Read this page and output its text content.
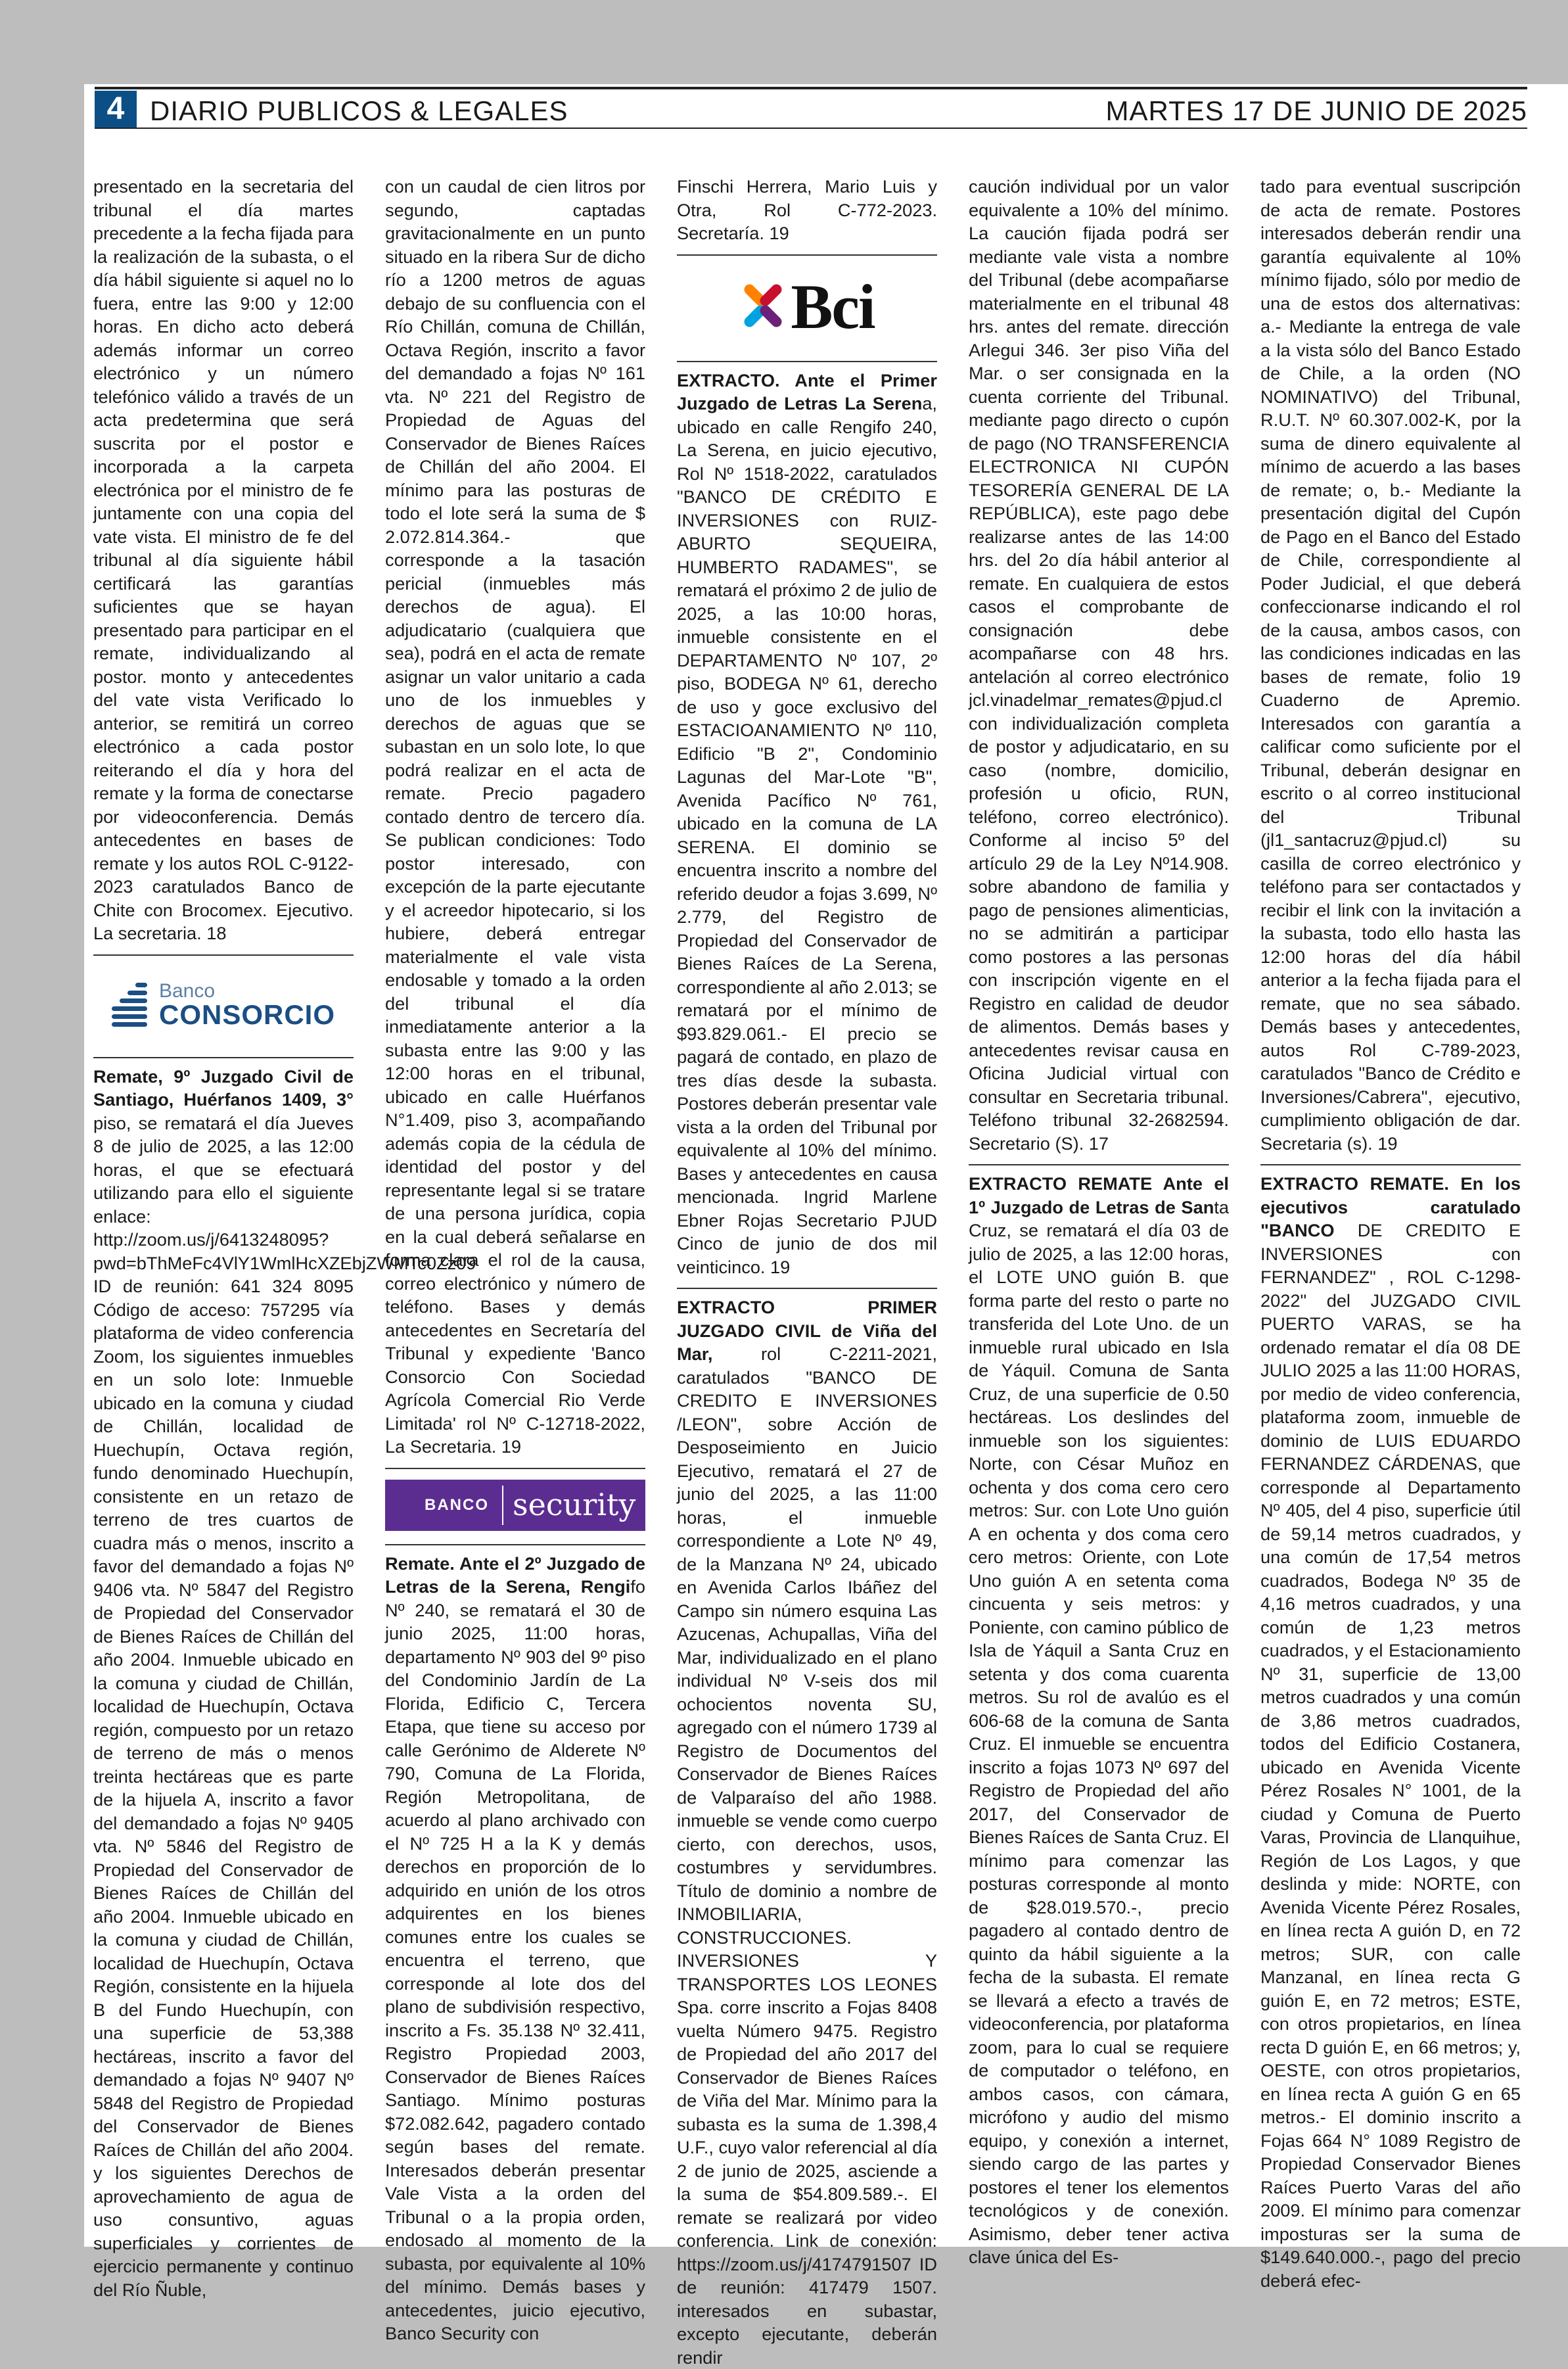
4 DIARIO PUBLICOS & LEGALES	MARTES 17 DE JUNIO DE 2025

presentado en la secretaria del tribunal el día martes precedente a la fecha fijada para la realización de la subasta, o el día hábil siguiente si aquel no lo fuera, entre las 9:00 y 12:00 horas. En dicho acto deberá además informar un correo electrónico y un número telefónico válido a través de un acta predetermina que será suscrita por el postor e incorporada a la carpeta electrónica por el ministro de fe juntamente con una copia del vate vista. El ministro de fe del tribunal al día siguiente hábil certificará las garantías suficientes que se hayan presentado para participar en el remate, individualizando al postor. monto y antecedentes del vate vista Verificado lo anterior, se remitirá un correo electrónico a cada postor reiterando el día y hora del remate y la forma de conectarse por videoconferencia. Demás antecedentes en bases de remate y los autos ROL C-9122-2023 caratulados Banco de Chite con Brocomex. Ejecutivo. La secretaria. 18

Banco
CONSORCIO

Remate, 9º Juzgado Civil de Santiago, Huérfanos 1409, 3° piso, se rematará el día Jueves 8 de julio de 2025, a las 12:00 horas, el que se efectuará utilizando para ello el siguiente enlace: http://zoom.us/j/6413248095?pwd=bThMeFc4VlY1WmlHcXZEbjZWMTc0Zz09 ID de reunión: 641 324 8095 Código de acceso: 757295 vía plataforma de video conferencia Zoom, los siguientes inmuebles en un solo lote: Inmueble ubicado en la comuna y ciudad de Chillán, localidad de Huechupín, Octava región, fundo denominado Huechupín, consistente en un retazo de terreno de tres cuartos de cuadra más o menos, inscrito a favor del demandado a fojas Nº 9406 vta. Nº 5847 del Registro de Propiedad del Conservador de Bienes Raíces de Chillán del año 2004. Inmueble ubicado en la comuna y ciudad de Chillán, localidad de Huechupín, Octava región, compuesto por un retazo de terreno de más o menos treinta hectáreas que es parte de la hijuela A, inscrito a favor del demandado a fojas Nº 9405 vta. Nº 5846 del Registro de Propiedad del Conservador de Bienes Raíces de Chillán del año 2004. Inmueble ubicado en la comuna y ciudad de Chillán, localidad de Huechupín, Octava Región, consistente en la hijuela B del Fundo Huechupín, con una superficie de 53,388 hectáreas, inscrito a favor del demandado a fojas Nº 9407 Nº 5848 del Registro de Propiedad del Conservador de Bienes Raíces de Chillán del año 2004. y los siguientes Derechos de aprovechamiento de agua de uso consuntivo, aguas superficiales y corrientes de ejercicio permanente y continuo del Río Ñuble,

con un caudal de cien litros por segundo, captadas gravitacionalmente en un punto situado en la ribera Sur de dicho río a 1200 metros de aguas debajo de su confluencia con el Río Chillán, comuna de Chillán, Octava Región, inscrito a favor del demandado a fojas Nº 161 vta. Nº 221 del Registro de Propiedad de Aguas del Conservador de Bienes Raíces de Chillán del año 2004. El mínimo para las posturas de todo el lote será la suma de $ 2.072.814.364.- que corresponde a la tasación pericial (inmuebles más derechos de agua). El adjudicatario (cualquiera que sea), podrá en el acta de remate asignar un valor unitario a cada uno de los inmuebles y derechos de aguas que se subastan en un solo lote, lo que podrá realizar en el acta de remate. Precio pagadero contado dentro de tercero día. Se publican condiciones: Todo postor interesado, con excepción de la parte ejecutante y el acreedor hipotecario, si los hubiere, deberá entregar materialmente el vale vista endosable y tomado a la orden del tribunal el día inmediatamente anterior a la subasta entre las 9:00 y las 12:00 horas en el tribunal, ubicado en calle Huérfanos N°1.409, piso 3, acompañando además copia de la cédula de identidad del postor y del representante legal si se tratare de una persona jurídica, copia en la cual deberá señalarse en forma clara el rol de la causa, correo electrónico y número de teléfono. Bases y demás antecedentes en Secretaría del Tribunal y expediente 'Banco Consorcio Con Sociedad Agrícola Comercial Rio Verde Limitada' rol Nº C-12718-2022, La Secretaria. 19

BANCO security

Remate. Ante el 2º Juzgado de Letras de la Serena, Rengifo Nº 240, se rematará el 30 de junio 2025, 11:00 horas, departamento Nº 903 del 9º piso del Condominio Jardín de La Florida, Edificio C, Tercera Etapa, que tiene su acceso por calle Gerónimo de Alderete Nº 790, Comuna de La Florida, Región Metropolitana, de acuerdo al plano archivado con el Nº 725 H a la K y demás derechos en proporción de lo adquirido en unión de los otros adquirentes en los bienes comunes entre los cuales se encuentra el terreno, que corresponde al lote dos del plano de subdivisión respectivo, inscrito a Fs. 35.138 Nº 32.411, Registro Propiedad 2003, Conservador de Bienes Raíces Santiago. Mínimo posturas $72.082.642, pagadero contado según bases del remate. Interesados deberán presentar Vale Vista a la orden del Tribunal o a la propia orden, endosado al momento de la subasta, por equivalente al 10% del mínimo. Demás bases y antecedentes, juicio ejecutivo, Banco Security con

Finschi Herrera, Mario Luis y Otra, Rol C-772-2023. Secretaría. 19

Bci

EXTRACTO. Ante el Primer Juzgado de Letras La Serena, ubicado en calle Rengifo 240, La Serena, en juicio ejecutivo, Rol Nº 1518-2022, caratulados "BANCO DE CRÉDITO E INVERSIONES con RUIZ-ABURTO SEQUEIRA, HUMBERTO RADAMES", se rematará el próximo 2 de julio de 2025, a las 10:00 horas, inmueble consistente en el DEPARTAMENTO Nº 107, 2º piso, BODEGA Nº 61, derecho de uso y goce exclusivo del ESTACIOANAMIENTO Nº 110, Edificio "B 2", Condominio Lagunas del Mar-Lote "B", Avenida Pacífico Nº 761, ubicado en la comuna de LA SERENA. El dominio se encuentra inscrito a nombre del referido deudor a fojas 3.699, Nº 2.779, del Registro de Propiedad del Conservador de Bienes Raíces de La Serena, correspondiente al año 2.013; se rematará por el mínimo de $93.829.061.- El precio se pagará de contado, en plazo de tres días desde la subasta. Postores deberán presentar vale vista a la orden del Tribunal por equivalente al 10% del mínimo. Bases y antecedentes en causa mencionada. Ingrid Marlene Ebner Rojas Secretario PJUD Cinco de junio de dos mil veinticinco. 19

EXTRACTO PRIMER JUZGADO CIVIL de Viña del Mar, rol C-2211-2021, caratulados "BANCO DE CREDITO E INVERSIONES /LEON", sobre Acción de Desposeimiento en Juicio Ejecutivo, rematará el 27 de junio del 2025, a las 11:00 horas, el inmueble correspondiente a Lote Nº 49, de la Manzana Nº 24, ubicado en Avenida Carlos Ibáñez del Campo sin número esquina Las Azucenas, Achupallas, Viña del Mar, individualizado en el plano individual Nº V-seis dos mil ochocientos noventa SU, agregado con el número 1739 al Registro de Documentos del Conservador de Bienes Raíces de Valparaíso del año 1988. inmueble se vende como cuerpo cierto, con derechos, usos, costumbres y servidumbres. Título de dominio a nombre de INMOBILIARIA, CONSTRUCCIONES. INVERSIONES Y TRANSPORTES LOS LEONES Spa. corre inscrito a Fojas 8408 vuelta Número 9475. Registro de Propiedad del año 2017 del Conservador de Bienes Raíces de Viña del Mar. Mínimo para la subasta es la suma de 1.398,4 U.F., cuyo valor referencial al día 2 de junio de 2025, asciende a la suma de $54.809.589.-. El remate se realizará por video conferencia. Link de conexión: https://zoom.us/j/4174791507 ID de reunión: 417479 1507. interesados en subastar, excepto ejecutante, deberán rendir

caución individual por un valor equivalente a 10% del mínimo. La caución fijada podrá ser mediante vale vista a nombre del Tribunal (debe acompañarse materialmente en el tribunal 48 hrs. antes del remate. dirección Arlegui 346. 3er piso Viña del Mar. o ser consignada en la cuenta corriente del Tribunal. mediante pago directo o cupón de pago (NO TRANSFERENCIA ELECTRONICA NI CUPÓN TESORERÍA GENERAL DE LA REPÚBLICA), este pago debe realizarse antes de las 14:00 hrs. del 2o día hábil anterior al remate. En cualquiera de estos casos el comprobante de consignación debe acompañarse con 48 hrs. antelación al correo electrónico jcl.vinadelmar_remates@pjud.cl con individualización completa de postor y adjudicatario, en su caso (nombre, domicilio, profesión u oficio, RUN, teléfono, correo electrónico). Conforme al inciso 5º del artículo 29 de la Ley Nº14.908. sobre abandono de familia y pago de pensiones alimenticias, no se admitirán a participar como postores a las personas con inscripción vigente en el Registro en calidad de deudor de alimentos. Demás bases y antecedentes revisar causa en Oficina Judicial virtual con consultar en Secretaria tribunal. Teléfono tribunal 32-2682594. Secretario (S). 17

EXTRACTO REMATE Ante el 1º Juzgado de Letras de Santa Cruz, se rematará el día 03 de julio de 2025, a las 12:00 horas, el LOTE UNO guión B. que forma parte del resto o parte no transferida del Lote Uno. de un inmueble rural ubicado en Isla de Yáquil. Comuna de Santa Cruz, de una superficie de 0.50 hectáreas. Los deslindes del inmueble son los siguientes: Norte, con César Muñoz en ochenta y dos coma cero cero metros: Sur. con Lote Uno guión A en ochenta y dos coma cero cero metros: Oriente, con Lote Uno guión A en setenta coma cincuenta y seis metros: y Poniente, con camino público de Isla de Yáquil a Santa Cruz en setenta y dos coma cuarenta metros. Su rol de avalúo es el 606-68 de la comuna de Santa Cruz. El inmueble se encuentra inscrito a fojas 1073 Nº 697 del Registro de Propiedad del año 2017, del Conservador de Bienes Raíces de Santa Cruz. El mínimo para comenzar las posturas corresponde al monto de $28.019.570.-, precio pagadero al contado dentro de quinto da hábil siguiente a la fecha de la subasta. El remate se llevará a efecto a través de videoconferencia, por plataforma zoom, para lo cual se requiere de computador o teléfono, en ambos casos, con cámara, micrófono y audio del mismo equipo, y conexión a internet, siendo cargo de las partes y postores el tener los elementos tecnológicos y de conexión. Asimismo, deber tener activa clave única del Es-

tado para eventual suscripción de acta de remate. Postores interesados deberán rendir una garantía equivalente al 10% mínimo fijado, sólo por medio de una de estos dos alternativas: a.- Mediante la entrega de vale a la vista sólo del Banco Estado de Chile, a la orden (NO NOMINATIVO) del Tribunal, R.U.T. Nº 60.307.002-K, por la suma de dinero equivalente al mínimo de acuerdo a las bases de remate; o, b.- Mediante la presentación digital del Cupón de Pago en el Banco del Estado de Chile, correspondiente al Poder Judicial, el que deberá confeccionarse indicando el rol de la causa, ambos casos, con las condiciones indicadas en las bases de remate, folio 19 Cuaderno de Apremio. Interesados con garantía a calificar como suficiente por el Tribunal, deberán designar en escrito o al correo institucional del Tribunal (jl1_santacruz@pjud.cl) su casilla de correo electrónico y teléfono para ser contactados y recibir el link con la invitación a la subasta, todo ello hasta las 12:00 horas del día hábil anterior a la fecha fijada para el remate, que no sea sábado. Demás bases y antecedentes, autos Rol C-789-2023, caratulados "Banco de Crédito e Inversiones/Cabrera", ejecutivo, cumplimiento obligación de dar. Secretaria (s). 19

EXTRACTO REMATE. En los ejecutivos caratulado "BANCO DE CREDITO E INVERSIONES con FERNANDEZ" , ROL C-1298-2022" del JUZGADO CIVIL PUERTO VARAS, se ha ordenado rematar el día 08 DE JULIO 2025 a las 11:00 HORAS, por medio de video conferencia, plataforma zoom, inmueble de dominio de LUIS EDUARDO FERNANDEZ CÁRDENAS, que corresponde al Departamento Nº 405, del 4 piso, superficie útil de 59,14 metros cuadrados, y una común de 17,54 metros cuadrados, Bodega Nº 35 de 4,16 metros cuadrados, y una común de 1,23 metros cuadrados, y el Estacionamiento Nº 31, superficie de 13,00 metros cuadrados y una común de 3,86 metros cuadrados, todos del Edificio Costanera, ubicado en Avenida Vicente Pérez Rosales N° 1001, de la ciudad y Comuna de Puerto Varas, Provincia de Llanquihue, Región de Los Lagos, y que deslinda y mide: NORTE, con Avenida Vicente Pérez Rosales, en línea recta A guión D, en 72 metros; SUR, con calle Manzanal, en línea recta G guión E, en 72 metros; ESTE, con otros propietarios, en línea recta D guión E, en 66 metros; y, OESTE, con otros propietarios, en línea recta A guión G en 65 metros.- El dominio inscrito a Fojas 664 N° 1089 Registro de Propiedad Conservador Bienes Raíces Puerto Varas del año 2009. El mínimo para comenzar imposturas ser la suma de $149.640.000.-, pago del precio deberá efec-
